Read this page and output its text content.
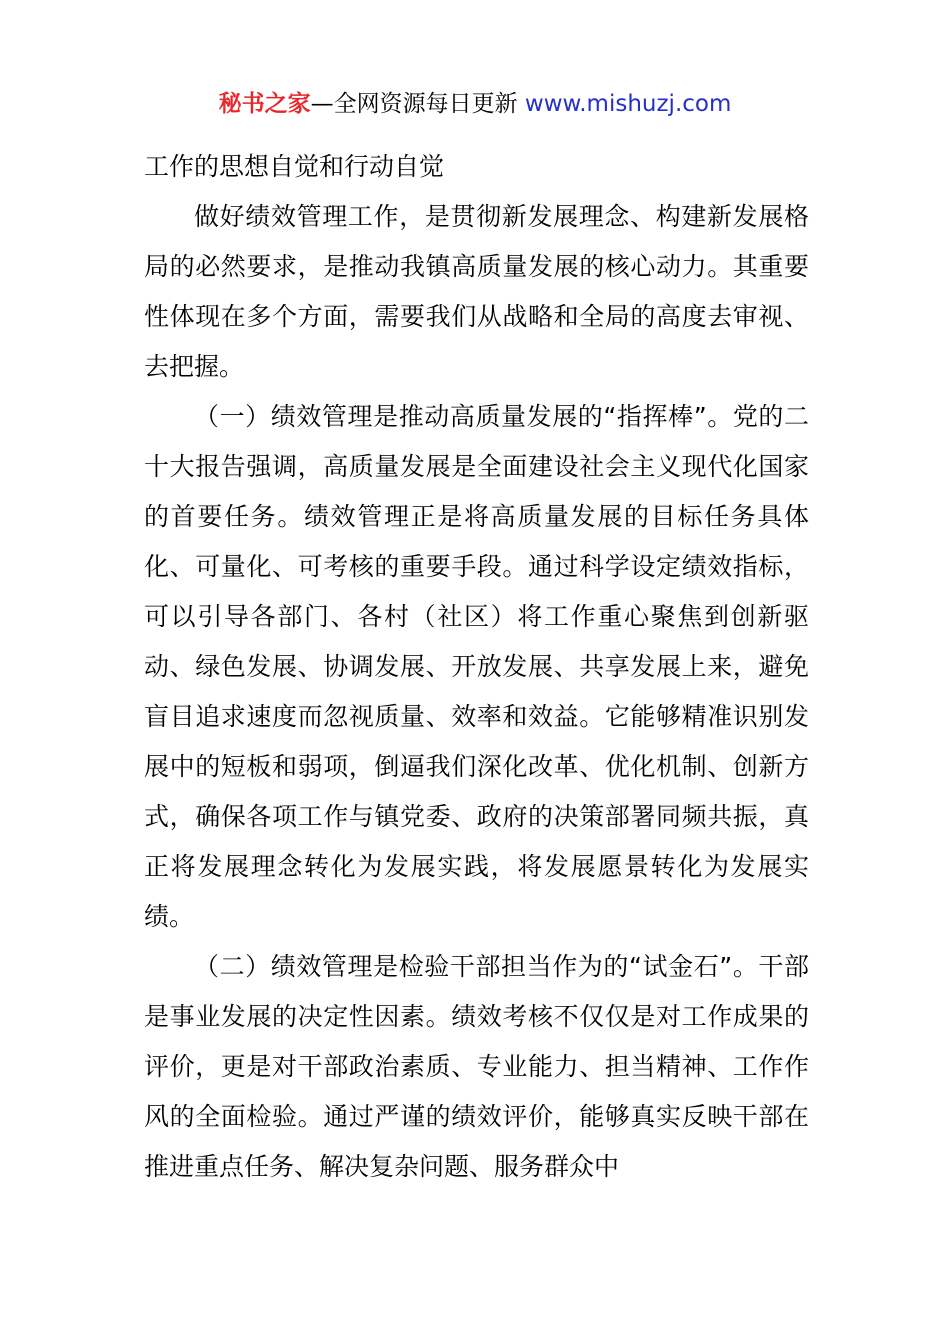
秘书之家—全网资源每日更新 www.mishuzj.com

工作的思想自觉和行动自觉

做好绩效管理工作，是贯彻新发展理念、构建新发展格局的必然要求，是推动我镇高质量发展的核心动力。其重要性体现在多个方面，需要我们从战略和全局的高度去审视、去把握。

（一）绩效管理是推动高质量发展的“指挥棒”。党的二十大报告强调，高质量发展是全面建设社会主义现代化国家的首要任务。绩效管理正是将高质量发展的目标任务具体化、可量化、可考核的重要手段。通过科学设定绩效指标，可以引导各部门、各村（社区）将工作重心聚焦到创新驱动、绿色发展、协调发展、开放发展、共享发展上来，避免盲目追求速度而忽视质量、效率和效益。它能够精准识别发展中的短板和弱项，倒逼我们深化改革、优化机制、创新方式，确保各项工作与镇党委、政府的决策部署同频共振，真正将发展理念转化为发展实践，将发展愿景转化为发展实绩。

（二）绩效管理是检验干部担当作为的“试金石”。干部是事业发展的决定性因素。绩效考核不仅仅是对工作成果的评价，更是对干部政治素质、专业能力、担当精神、工作作风的全面检验。通过严谨的绩效评价，能够真实反映干部在推进重点任务、解决复杂问题、服务群众中
